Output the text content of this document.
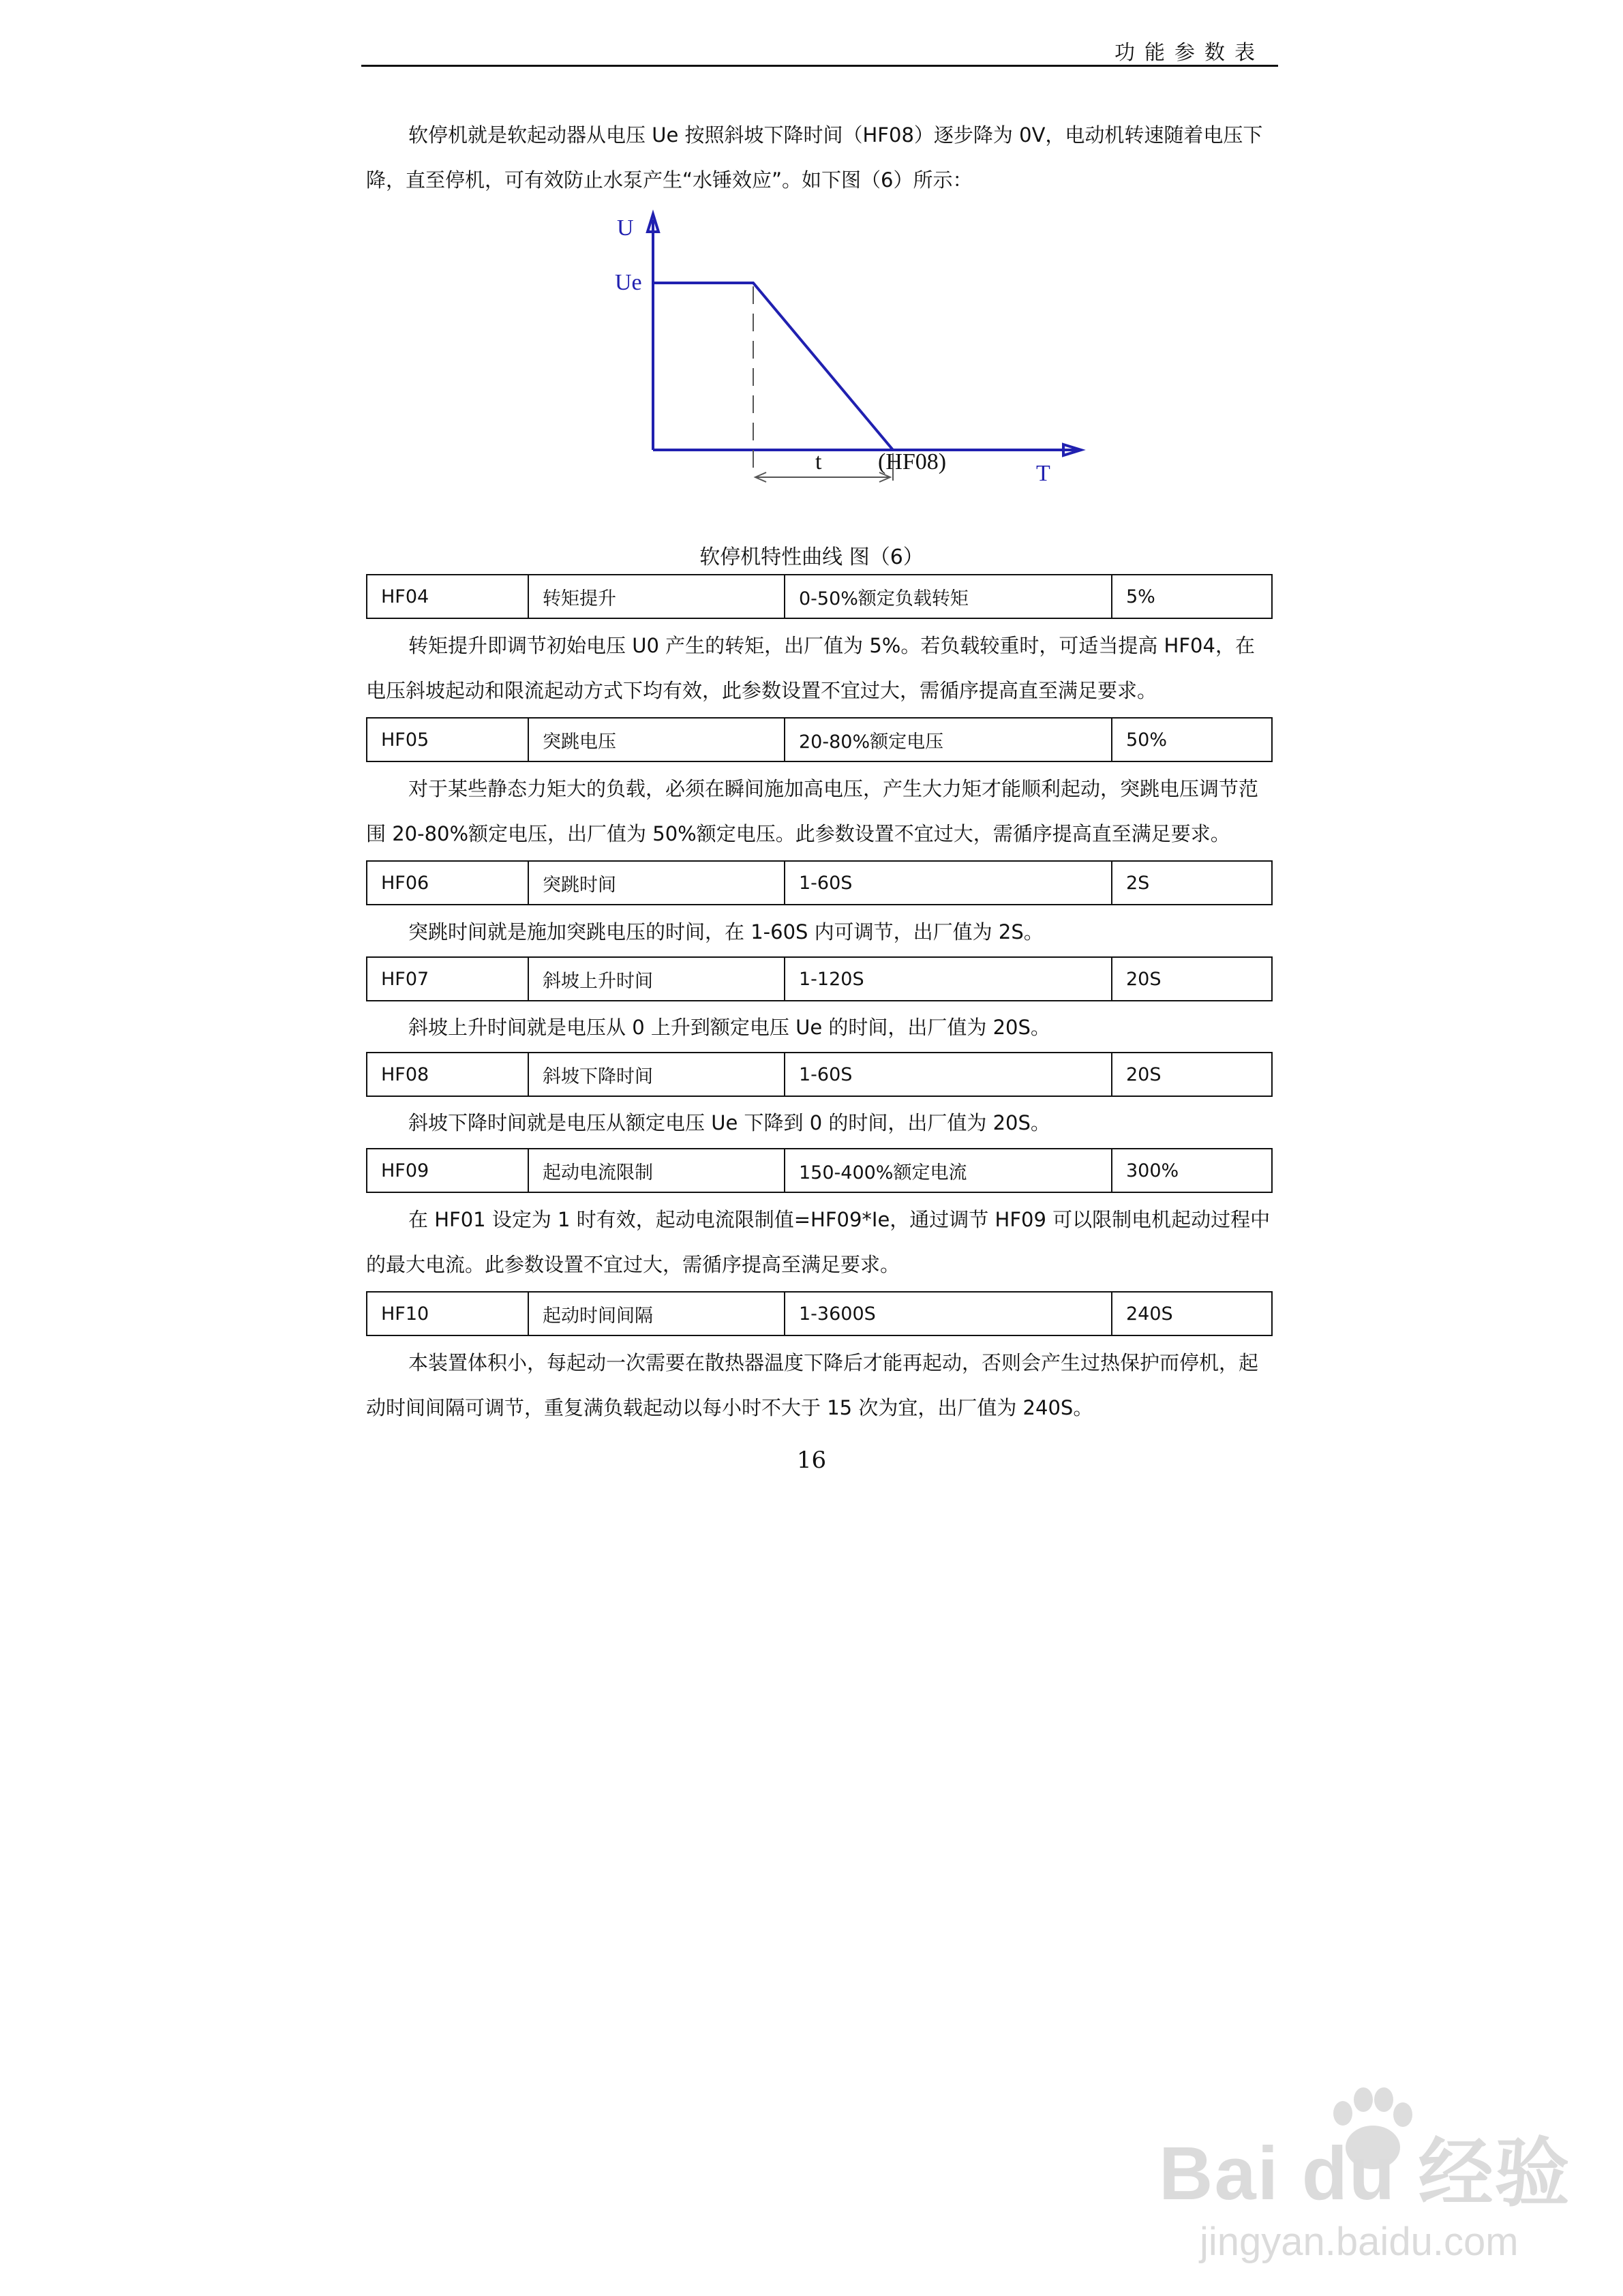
功能参数表

软停机就是软起动器从电压 Ue 按照斜坡下降时间（HF08）逐步降为 0V，电动机转速随着电压下降，直至停机，可有效防止水泵产生“水锤效应”。如下图（6）所示：

U
Ue
t (HF08)	T
软停机特性曲线 图（6）
HF04	转矩提升	0-50%额定负载转矩	5%

转矩提升即调节初始电压 U0 产生的转矩，出厂值为 5%。若负载较重时，可适当提高 HF04，在电压斜坡起动和限流起动方式下均有效，此参数设置不宜过大，需循序提高直至满足要求。

HF05	突跳电压	20-80%额定电压	50%

对于某些静态力矩大的负载，必须在瞬间施加高电压，产生大力矩才能顺利起动，突跳电压调节范围 20-80%额定电压，出厂值为 50%额定电压。此参数设置不宜过大，需循序提高直至满足要求。

HF06	突跳时间	1-60S	2S

突跳时间就是施加突跳电压的时间，在 1-60S 内可调节，出厂值为 2S。

HF07	斜坡上升时间	1-120S	20S

斜坡上升时间就是电压从 0 上升到额定电压 Ue 的时间，出厂值为 20S。

HF08	斜坡下降时间	1-60S	20S

斜坡下降时间就是电压从额定电压 Ue 下降到 0 的时间，出厂值为 20S。

HF09	起动电流限制	150-400%额定电流	300%

在 HF01 设定为 1 时有效，起动电流限制值=HF09*Ie，通过调节 HF09 可以限制电机起动过程中的最大电流。此参数设置不宜过大，需循序提高至满足要求。

HF10	起动时间间隔	1-3600S	240S

本装置体积小，每起动一次需要在散热器温度下降后才能再起动，否则会产生过热保护而停机，起动时间间隔可调节，重复满负载起动以每小时不大于 15 次为宜，出厂值为 240S。

16
Bai du 经验
jingyan.baidu.com
